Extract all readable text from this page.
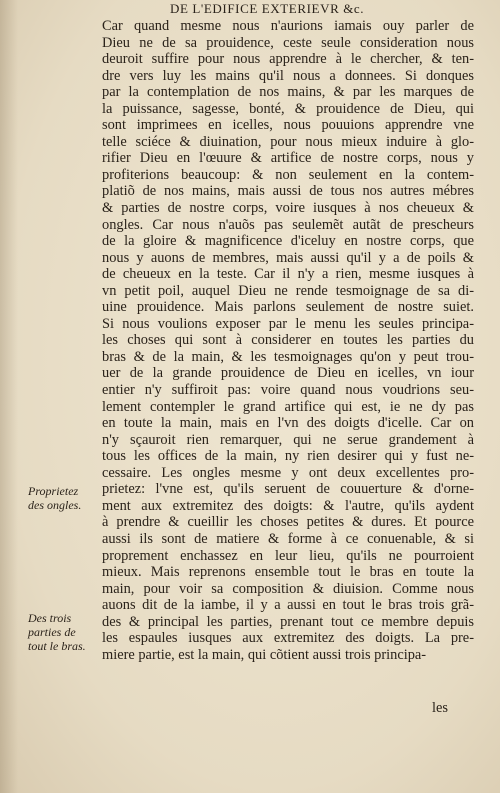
DE L'EDIFICE EXTERIEVR &c.
Car quand mesme nous n'aurions iamais ouy parler de
Dieu ne de sa prouidence, ceste seule consideration nous
deuroit suffire pour nous apprendre à le chercher, & ten-
dre vers luy les mains qu'il nous a donnees. Si donques
par la contemplation de nos mains, & par les marques de
la puissance, sagesse, bonté, & prouidence de Dieu, qui
sont imprimees en icelles, nous pouuions apprendre vne
telle sciéce & diuination, pour nous mieux induire à glo-
rifier Dieu en l'œuure & artifice de nostre corps, nous y
profiterions beaucoup: & non seulement en la contem-
platiõ de nos mains, mais aussi de tous nos autres mébres
& parties de nostre corps, voire iusques à nos cheueux &
ongles. Car nous n'auõs pas seulemẽt autãt de prescheurs
de la gloire & magnificence d'iceluy en nostre corps, que
nous y auons de membres, mais aussi qu'il y a de poils &
de cheueux en la teste. Car il n'y a rien, mesme iusques à
vn petit poil, auquel Dieu ne rende tesmoignage de sa di-
uine prouidence. Mais parlons seulement de nostre suiet.
Si nous voulions exposer par le menu les seules principa-
les choses qui sont à considerer en toutes les parties du
bras & de la main, & les tesmoignages qu'on y peut trou-
uer de la grande prouidence de Dieu en icelles, vn iour
entier n'y suffiroit pas: voire quand nous voudrions seu-
lement contempler le grand artifice qui est, ie ne dy pas
en toute la main, mais en l'vn des doigts d'icelle. Car on
n'y sçauroit rien remarquer, qui ne serue grandement à
tous les offices de la main, ny rien desirer qui y fust ne-
cessaire. Les ongles mesme y ont deux excellentes pro-
prietez: l'vne est, qu'ils seruent de couuerture & d'orne-
ment aux extremitez des doigts: & l'autre, qu'ils aydent
à prendre & cueillir les choses petites & dures. Et pource
aussi ils sont de matiere & forme à ce conuenable, & si
proprement enchassez en leur lieu, qu'ils ne pourroient
mieux. Mais reprenons ensemble tout le bras en toute la
main, pour voir sa composition & diuision. Comme nous
auons dit de la iambe, il y a aussi en tout le bras trois grã-
des & principal les parties, prenant tout ce membre depuis
les espaules iusques aux extremitez des doigts. La pre-
miere partie, est la main, qui cõtient aussi trois principa-
les
Proprietez
des ongles.
Des trois
parties de
tout le bras.
